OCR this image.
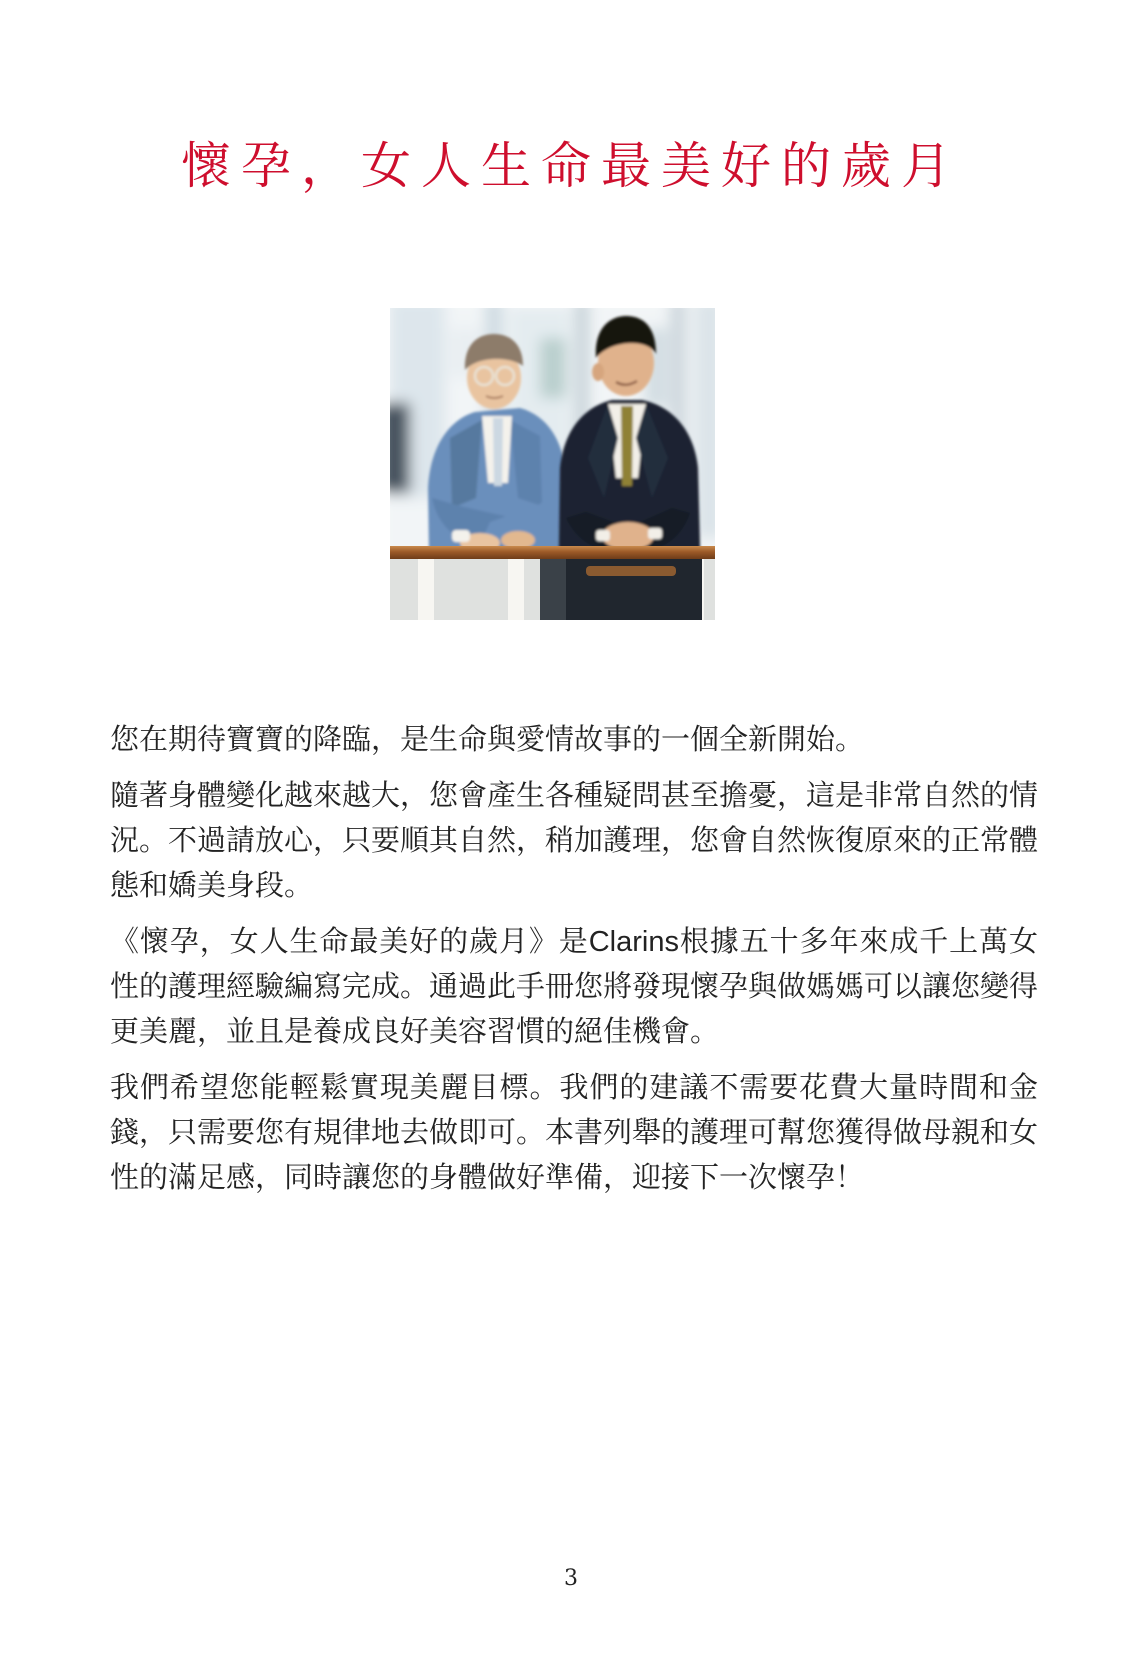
懷孕，女人生命最美好的歲月

您在期待寶寶的降臨，是生命與愛情故事的一個全新開始。

隨著身體變化越來越大，您會產生各種疑問甚至擔憂，這是非常自然的情況。不過請放心，只要順其自然，稍加護理，您會自然恢復原來的正常體態和嬌美身段。

《懷孕，女人生命最美好的歲月》是Clarins根據五十多年來成千上萬女性的護理經驗編寫完成。通過此手冊您將發現懷孕與做媽媽可以讓您變得更美麗，並且是養成良好美容習慣的絕佳機會。

我們希望您能輕鬆實現美麗目標。我們的建議不需要花費大量時間和金錢，只需要您有規律地去做即可。本書列舉的護理可幫您獲得做母親和女性的滿足感，同時讓您的身體做好準備，迎接下一次懷孕！

3
